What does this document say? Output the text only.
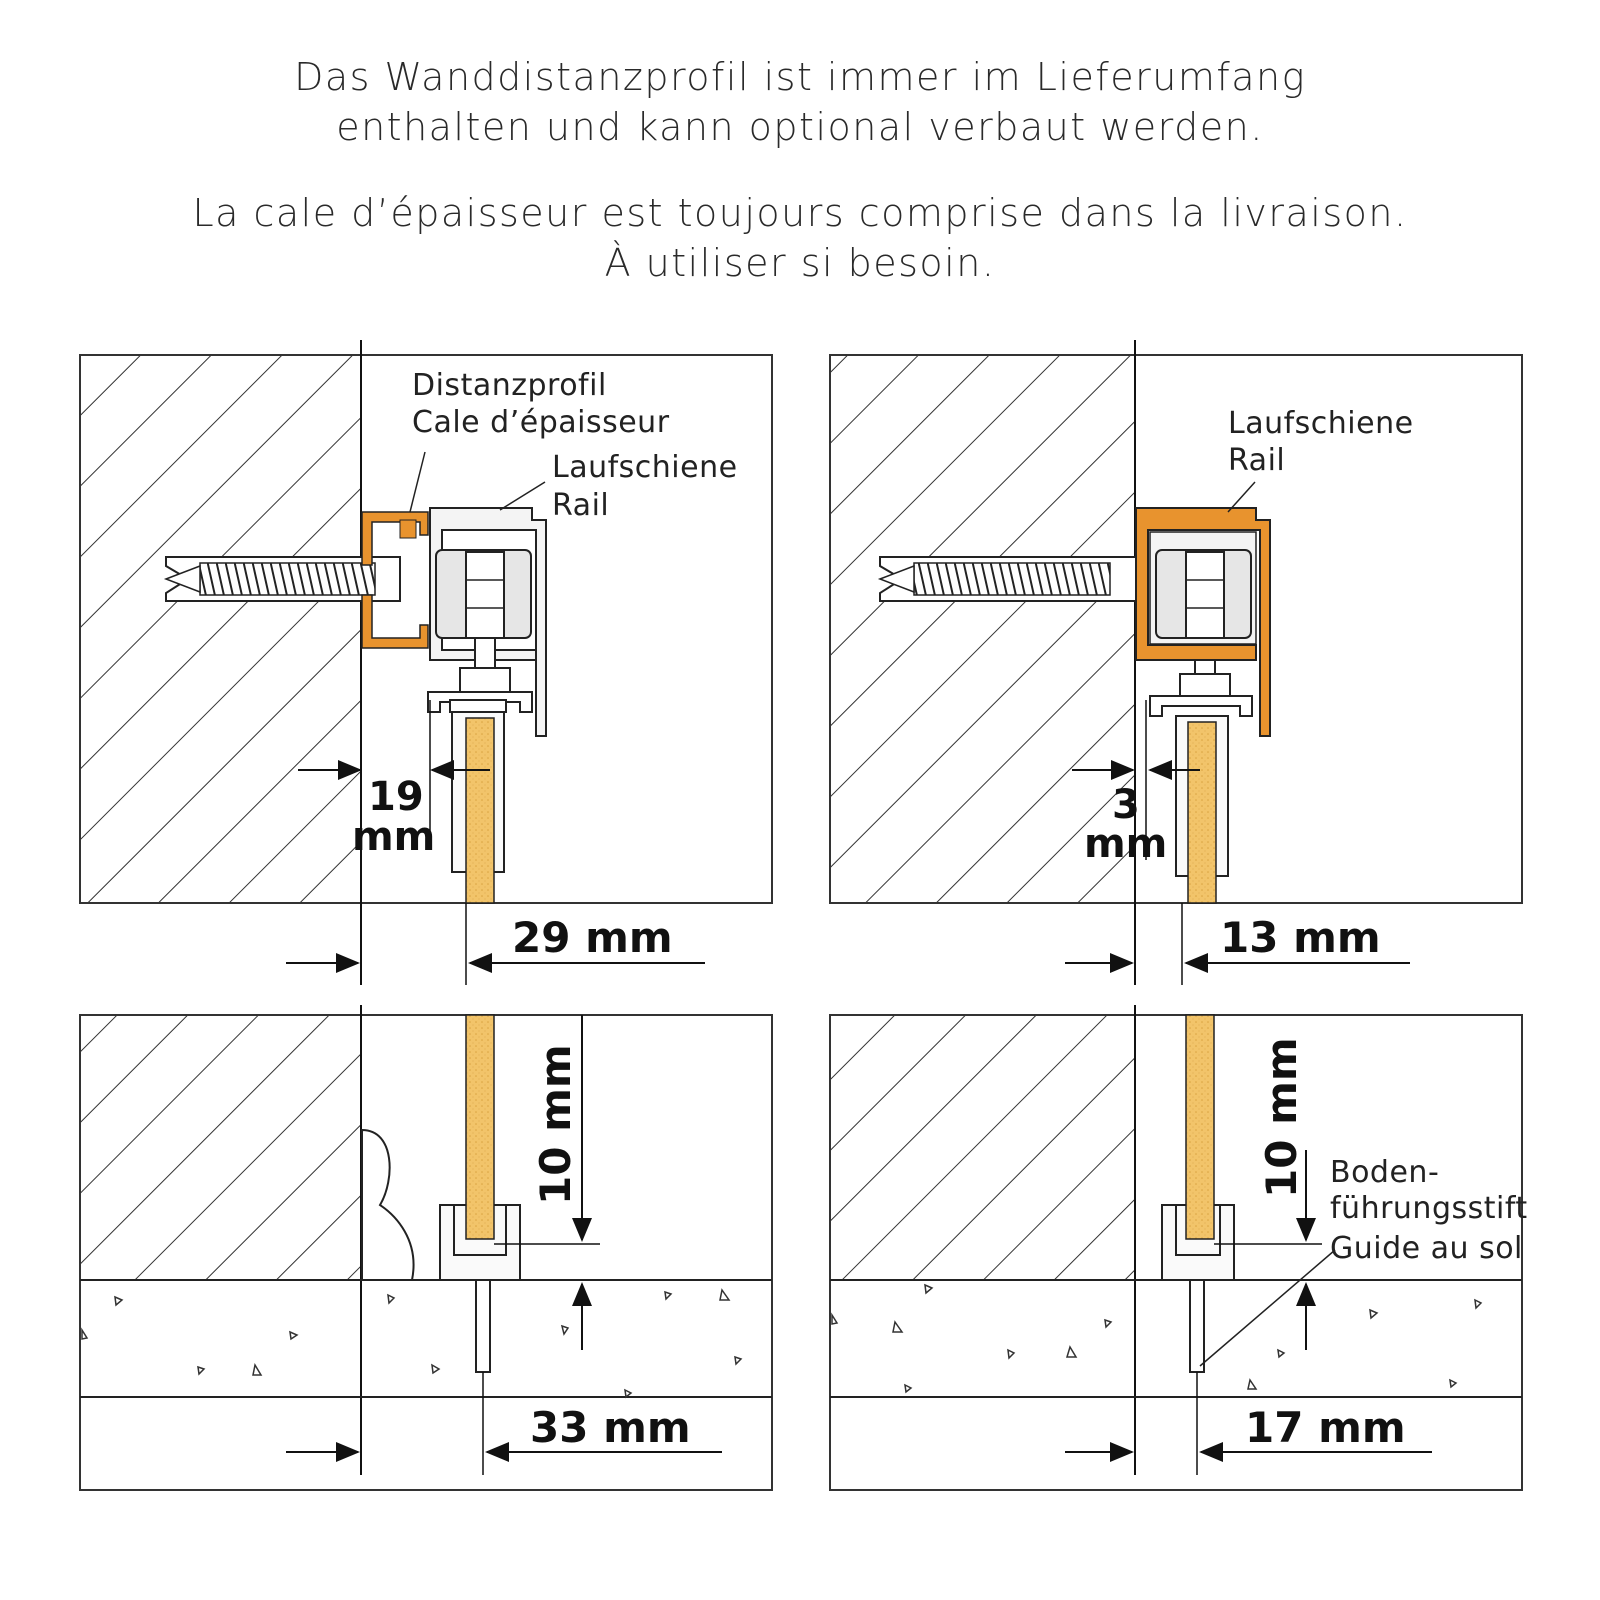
Das Wanddistanzprofil ist immer im Lieferumfang

enthalten und kann optional verbaut werden.

La cale d’épaisseur est toujours comprise dans la livraison.

À utiliser si besoin.

Distanzprofil
Cale d’épaisseur
Laufschiene
Rail
19
mm
29 mm
Laufschiene
Rail
3
mm
13 mm
10 mm
33 mm
10 mm Boden-
führungsstift
Guide au sol
17 mm
